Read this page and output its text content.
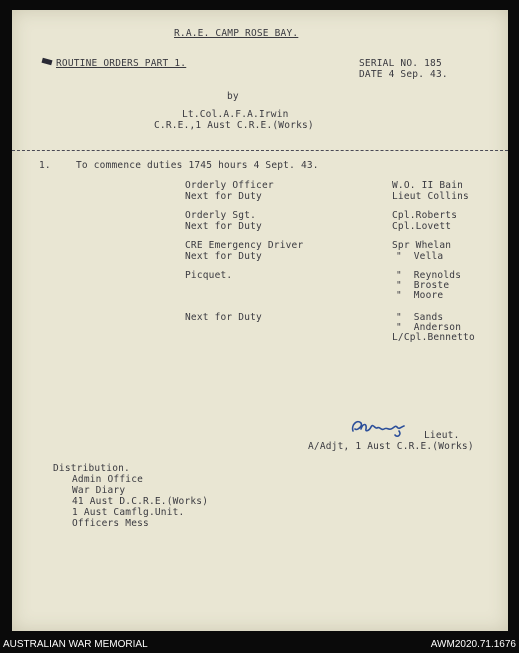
R.A.E. CAMP ROSE BAY.
ROUTINE ORDERS PART 1.	SERIAL NO. 185
DATE 4 Sep. 43.
by
Lt.Col.A.F.A.Irwin
C.R.E.,1 Aust C.R.E.(Works)
1.	To commence duties 1745 hours 4 Sept. 43.
Orderly Officer	W.O. II Bain
Next for Duty	Lieut Collins
Orderly Sgt.	Cpl.Roberts
Next for Duty	Cpl.Lovett
CRE Emergency Driver	Spr Whelan
Next for Duty	"  Vella
Picquet.	"  Reynolds
"  Broste
"  Moore
Next for Duty	"  Sands
"  Anderson
L/Cpl.Bennetto
Lieut.
A/Adjt, 1 Aust C.R.E.(Works)
Distribution.
Admin Office
War Diary
41 Aust D.C.R.E.(Works)
1 Aust Camflg.Unit.
Officers Mess
AUSTRALIAN WAR MEMORIAL	AWM2020.71.1676
